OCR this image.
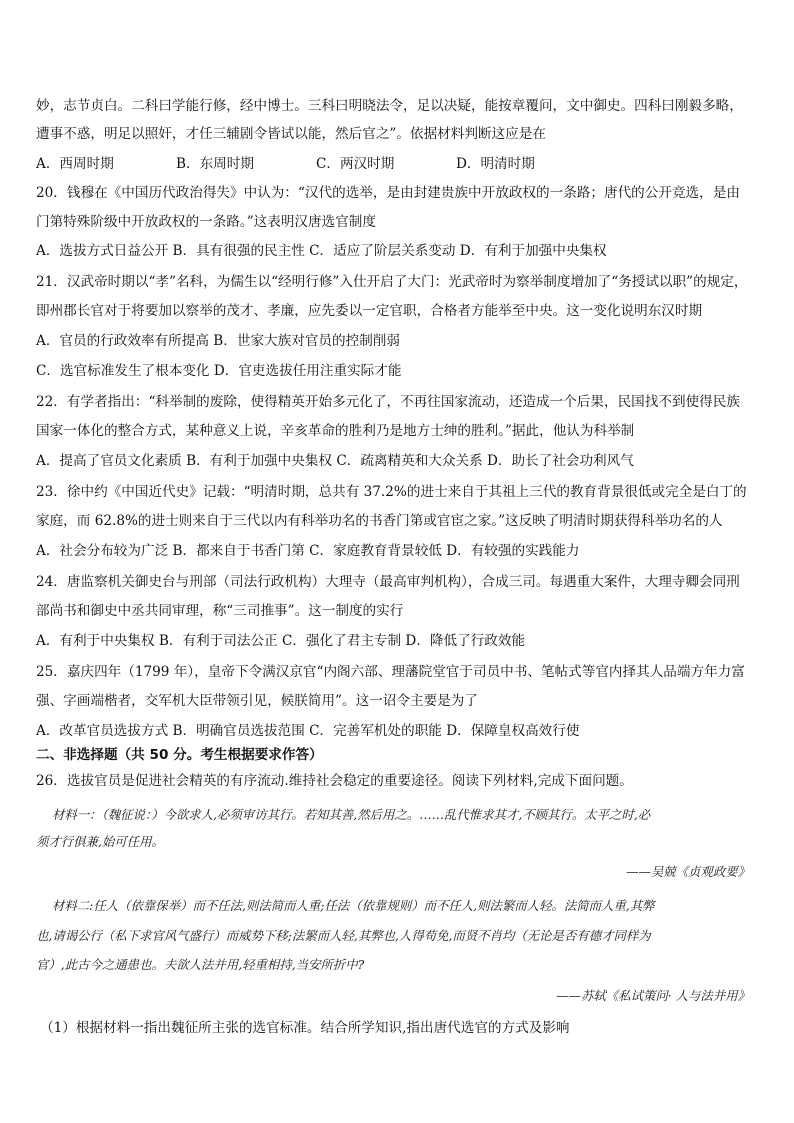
妙，志节贞白。二科曰学能行修，经中博士。三科曰明晓法令，足以决疑，能按章覆问，文中御史。四科曰刚毅多略，
遭事不惑，明足以照奸，才任三辅剧令皆试以能，然后官之”。依据材料判断这应是在
A．西周时期	B．东周时期	C．两汉时期	D．明清时期
20．钱穆在《中国历代政治得失》中认为：“汉代的选举，是由封建贵族中开放政权的一条路；唐代的公开竞选，是由
门第特殊阶级中开放政权的一条路。”这表明汉唐选官制度
A．选拔方式日益公开 B．具有很强的民主性 C．适应了阶层关系变动 D．有利于加强中央集权
21．汉武帝时期以“孝”名科，为儒生以“经明行修”入仕开启了大门：光武帝时为察举制度增加了“务授试以职”的规定，
即州郡长官对于将要加以察举的茂才、孝廉，应先委以一定官职，合格者方能举至中央。这一变化说明东汉时期
A．官员的行政效率有所提高 B．世家大族对官员的控制削弱
C．选官标准发生了根本变化 D．官吏选拔任用注重实际才能
22．有学者指出：“科举制的废除，使得精英开始多元化了，不再往国家流动，还造成一个后果，民国找不到使得民族
国家一体化的整合方式，某种意义上说，辛亥革命的胜利乃是地方士绅的胜利。”据此，他认为科举制
A．提高了官员文化素质 B．有利于加强中央集权 C．疏离精英和大众关系 D．助长了社会功利风气
23．徐中约《中国近代史》记载：“明清时期，总共有 37.2%的进士来自于其祖上三代的教育背景很低或完全是白丁的
家庭，而 62.8%的进士则来自于三代以内有科举功名的书香门第或官宦之家。”这反映了明清时期获得科举功名的人
A．社会分布较为广泛 B．都来自于书香门第 C．家庭教育背景较低 D．有较强的实践能力
24．唐监察机关御史台与刑部（司法行政机构）大理寺（最高审判机构），合成三司。每遇重大案件，大理寺卿会同刑
部尚书和御史中丞共同审理，称“三司推事”。这一制度的实行
A．有利于中央集权 B．有利于司法公正 C．强化了君主专制 D．降低了行政效能
25．嘉庆四年（1799 年），皇帝下令满汉京官“内阁六部、理藩院堂官于司员中书、笔帖式等官内择其人品端方年力富
强、字画端楷者，交军机大臣带领引见，候朕简用”。这一诏令主要是为了
A．改革官员选拔方式 B．明确官员选拔范围 C．完善军机处的职能 D．保障皇权高效行使
二、非选择题（共 50 分。考生根据要求作答）
26．选拔官员是促进社会精英的有序流动.维持社会稳定的重要途径。阅读下列材料,完成下面问题。
材料一：（魏征说：）今欲求人,必须审访其行。若知其善,然后用之。……乱代惟求其才,不顾其行。太平之时,必
须才行俱兼,始可任用。
——吴兢《贞观政要》
材料二:任人（依靠保举）而不任法,则法简而人重;任法（依靠规则）而不任人,则法繁而人轻。法简而人重,其弊
也,请谒公行（私下求官风气盛行）而威势下移;法繁而人轻,其弊也,人得苟免,而贤不肖均（无论是否有德才同样为
官）,此古今之通患也。夫欲人法并用,轻重相持,当安所折中?
——苏轼《私试策问· 人与法并用》
（1）根据材料一指出魏征所主张的选官标准。结合所学知识,指出唐代选官的方式及影响
